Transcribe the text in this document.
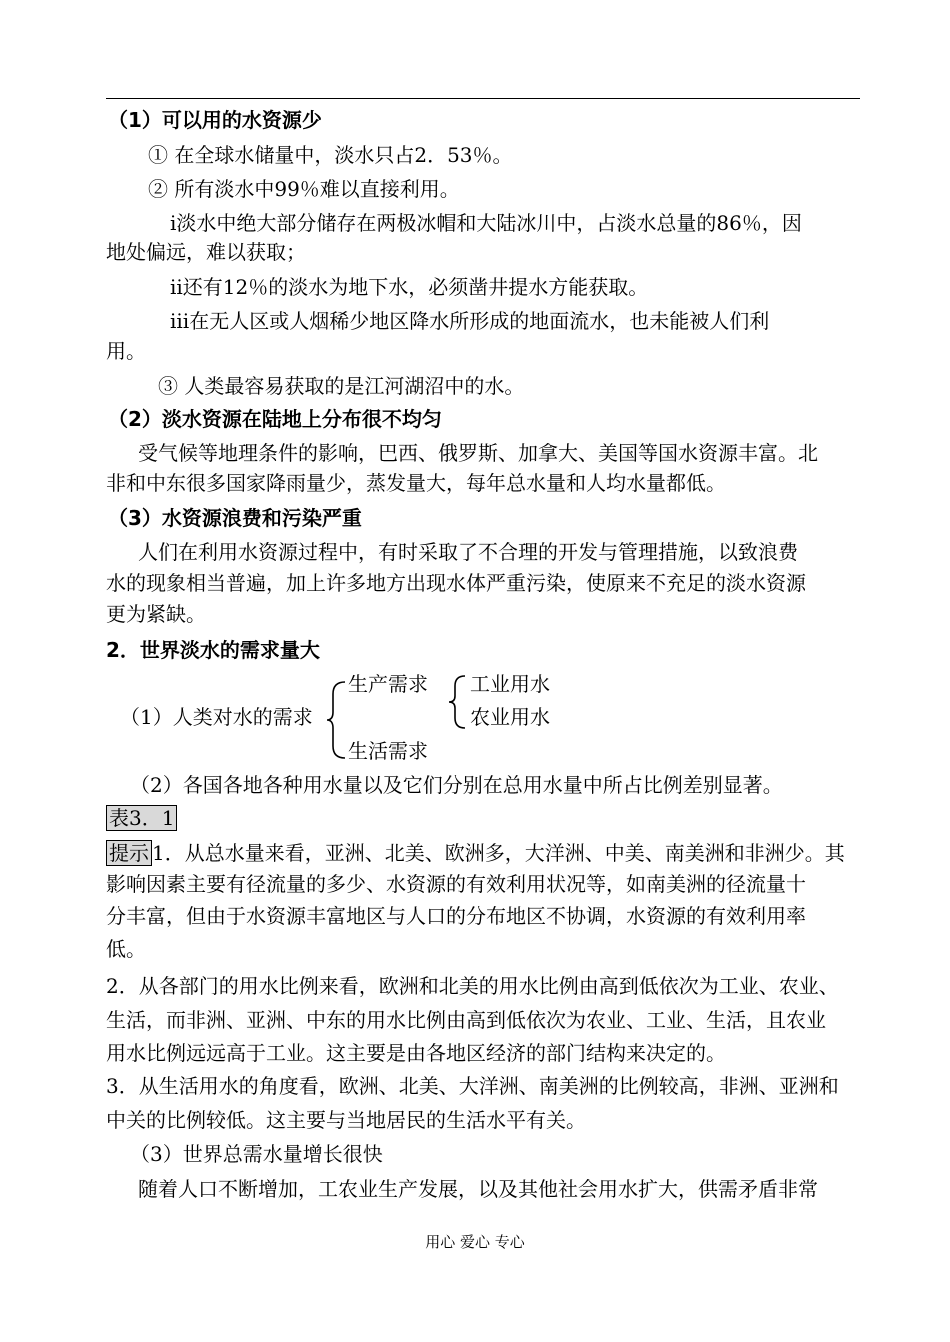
（1）可以用的水资源少
① 在全球水储量中，淡水只占2．53％。
② 所有淡水中99％难以直接利用。
ⅰ淡水中绝大部分储存在两极冰帽和大陆冰川中，占淡水总量的86％，因
地处偏远，难以获取；
ⅱ还有12％的淡水为地下水，必须凿井提水方能获取。
ⅲ在无人区或人烟稀少地区降水所形成的地面流水，也未能被人们利
用。
③ 人类最容易获取的是江河湖沼中的水。
（2）淡水资源在陆地上分布很不均匀
受气候等地理条件的影响，巴西、俄罗斯、加拿大、美国等国水资源丰富。北
非和中东很多国家降雨量少，蒸发量大，每年总水量和人均水量都低。
（3）水资源浪费和污染严重
人们在利用水资源过程中，有时采取了不合理的开发与管理措施，以致浪费
水的现象相当普遍，加上许多地方出现水体严重污染，使原来不充足的淡水资源
更为紧缺。
2．世界淡水的需求量大
（1）人类对水的需求
生产需求
生活需求
工业用水
农业用水
（2）各国各地各种用水量以及它们分别在总用水量中所占比例差别显著。
表3．1
提示 1．从总水量来看，亚洲、北美、欧洲多，大洋洲、中美、南美洲和非洲少。其
影响因素主要有径流量的多少、水资源的有效利用状况等，如南美洲的径流量十
分丰富，但由于水资源丰富地区与人口的分布地区不协调，水资源的有效利用率
低。
2．从各部门的用水比例来看，欧洲和北美的用水比例由高到低依次为工业、农业、
生活，而非洲、亚洲、中东的用水比例由高到低依次为农业、工业、生活，且农业
用水比例远远高于工业。这主要是由各地区经济的部门结构来决定的。
3．从生活用水的角度看，欧洲、北美、大洋洲、南美洲的比例较高，非洲、亚洲和
中关的比例较低。这主要与当地居民的生活水平有关。
（3）世界总需水量增长很快
随着人口不断增加，工农业生产发展，以及其他社会用水扩大，供需矛盾非常
用心 爱心 专心
